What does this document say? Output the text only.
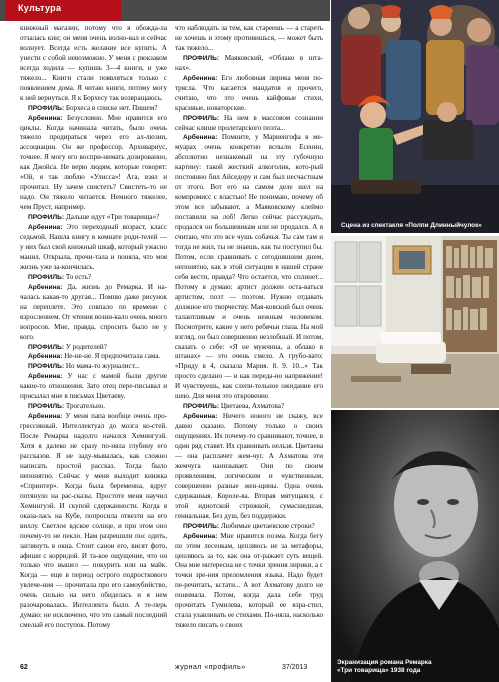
Культура

книжный магазин, потому что я обожда-ла отзалась кни; он меня очень волно-вал и сейчас волнует. Всегда есть желание все купить. А унести с собой невозможно. У меня с рюкзаком всегда ходила — купишь 3—4 книги, и уже тяжело... Книги стали появляться только с появлением дома. Я читаю книги, потому могу к ней вернуться. Я к Борхесу так возвращаюсь.

ПРОФИЛЬ: Борхеса в списке нет. Пишем?

Арбенина: Безусловно. Мне нравится его циклы. Когда начинала читать, было очень тяжело продираться через его ал-люзии, ассоциации. Он же профессор. Архивариус, точнее. Я могу его воспри-нимать дозированно, как Джойса. Не верю людям, которые говорят: «Ой, я так люблю «Улисса»! Ага, взял и прочитал. Ну зачем свистеть? Свистеть-то не надо. Он тяжело читается. Немного тяжелее, чем Пруст, например.

ПРОФИЛЬ: Дальше идут «Три товарища»?

Арбенина: Это переходный возраст, класс седьмой. Нашла книгу в комнате роди-телей — у них был свой книжный шкаф, который ужасно манил. Открыла, прочи-тала и поняла, что моя жизнь уже за-кончилась.

ПРОФИЛЬ: То есть?

Арбенина: Да, жизнь до Ремарка. И на-чалась какая-то другая... Помню даже рисунок на переплете. Это совпало по времени с взрослением. От чтения возни-кало очень много вопросов. Мне, правда, спросить было не у кого.

ПРОФИЛЬ: У родителей?

Арбенина: Не-не-не. Я предпочитала сама.

ПРОФИЛЬ: Но мама-то журналист...

Арбенина: У нас с мамой были другие какие-то отношения. Зато отец пере-писывал и присылал мне в письмах Цветаеву.

ПРОФИЛЬ: Трогательно.

Арбенина: У меня папа вообще очень про-грессивный. Интеллектуал до мозга ко-стей. После Ремарка надолго начался Хемингуэй. Хотя я далеко не сразу по-няла глубину его рассказов. Я не заду-мывалась, как сложно написать простой рассказ. Тогда было непонятно. Сейчас у меня выходит книжка «Спринтер». Когда была беременна, вдруг потянуло на рас-сказы. Простоте меня научил Хемингуэй. И скупой сдержанности. Когда я оказа-лась на Кубе, попросила отвезти на его виллу. Светлое вдское солнце, и при этом оно почему-то не пекло. Нам разрешили пос одить, заглянуть в окна. Стоит санои его, висят фото, афиши с корридой. И та-кое ощущение, что он только что вышел — покурить или на майк. Когда — еще в период острого подросткового увлече-ния — прочитала про его самоубийство, очень сильно на него обиделась и я нем разочаровалась. Интеллекта было. А те-перь думаю: не исключено, что это самый последний смелый его поступок. Потому

что наблюдать за тем, как стареешь — а стареть не хочешь и этому противишься, — может быть так тяжело...

ПРОФИЛЬ: Маяковский, «Облако в шта-нах».

Арбенина: Его любовная лирика меня по-трясла. Что касается мандатов и прочего, считаю, что это очень кайфовые стихи, красивые, новаторские.

ПРОФИЛЬ: На нем в массовом сознании сейчас клише пролетарского поэта...

Арбенина: Помните, у Мариенгофа в ме-муарах очень конкретно вспыли Есенин, абсолютно незнакомый на эту губочную картину: такой жесткий алкоголик, кото-рый постоянно бил Айседору и сам был несчастным от этого. Вот его на самом деле шел на компромисс с властью! Не понимаю, почему об этом все забывают, а Маяковскому клеймо поставили на лоб! Легко сейчас рассуждать, продался он большевикам или не продался. А я считаю, что это все чушь собачья. Ты сам там и тогда не жил, ты не знаешь, как ты поступил бы. Потом, если сравнивать с сегодняшним днем, непонятно, как в этой ситуации в нашей стране себя вести, правда? Что остается, что сплинет... Потому я думаю: артист должен оста-ваться артистом, поэт — поэтом. Нужно отдавать должное его творчеству. Мая-ковский был очень талантливым и очень нежным человеком. Посмотрите, какие у него ребячьи глаза. На мой взгляд, он был совершенно незлобный. И потом, сказать о себе: «Я не мужчина, а облако в штанах» — это очень смело. А грубо-вато: «Приду в 4, сказала Мария. 8. 9. 10...» Так просто сделано — и как переда-но напряжение! И чувствуешь, как слепи-тельное ожидание его шею. Для меня это откровение.

ПРОФИЛЬ: Цветаева, Ахматова?

Арбенина: Ничего нового не скажу, все давно сказано. Потому только о своих ощущениях. Их почему-то сравнивают, точнее, в один ряд ставят. Их сравнивать нельзя. Цветаева — она расплачет жем-чуг. А Ахматова эти жемчуга нанизывает. Они по своим проявлениям, логическим и чувственным, совершенно разные жен-щины. Одна очень сдержанная. Короле-ва. Вторая мятущаяся, с этой идиотской стрижкой, сумасшедшая, гениальная. Без душ, без поддержки.

ПРОФИЛЬ: Любимые цветаевские строки?

Арбенина: Мне нравится поэма. Когда бегу по этим лесенкам, цепляюсь не за метафоры, цепляюсь за то, как она от-ражает суть вещей. Она мне интересна не с точки зрения лирики, а с точки зре-ния преломления языка. Надо будет пе-речитать, кстати... А вот Ахматову долго не понимала. Потом, когда дала себе труд прочитать Гумилева, который ее взра-стил, стала улавливать ее стихами. По-няла, насколько тяжело писать о своих

Сцена из спектакля «Полпи Длинныйчулок»
Экранизация романа Ремарка
«Три товарища» 1938 года
62	журнал «профиль»	37/2013
